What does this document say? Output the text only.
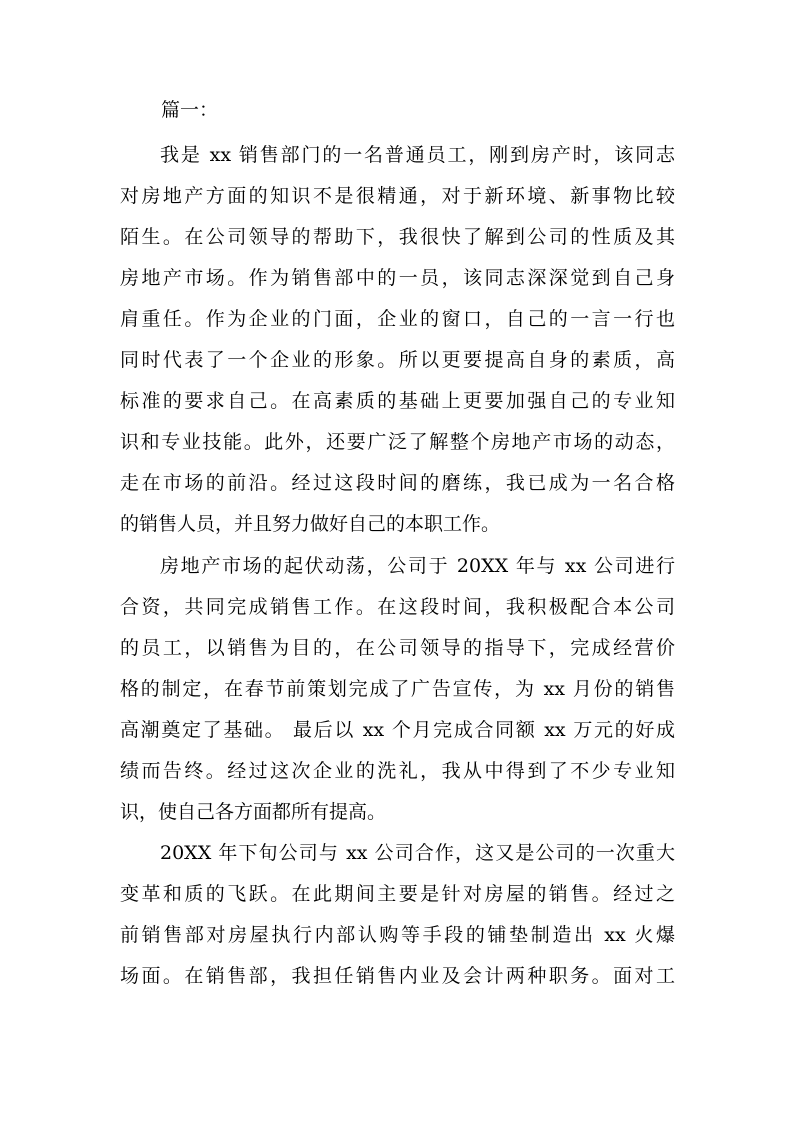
篇一：

我是 xx 销售部门的一名普通员工，刚到房产时，该同志

对房地产方面的知识不是很精通，对于新环境、新事物比较

陌生。在公司领导的帮助下，我很快了解到公司的性质及其

房地产市场。作为销售部中的一员，该同志深深觉到自己身

肩重任。作为企业的门面，企业的窗口，自己的一言一行也

同时代表了一个企业的形象。所以更要提高自身的素质，高

标准的要求自己。在高素质的基础上更要加强自己的专业知

识和专业技能。此外，还要广泛了解整个房地产市场的动态，

走在市场的前沿。经过这段时间的磨练，我已成为一名合格

的销售人员，并且努力做好自己的本职工作。

房地产市场的起伏动荡，公司于 20XX 年与 xx 公司进行

合资，共同完成销售工作。在这段时间，我积极配合本公司

的员工，以销售为目的，在公司领导的指导下，完成经营价

格的制定，在春节前策划完成了广告宣传，为 xx 月份的销售

高潮奠定了基础。 最后以 xx 个月完成合同额 xx 万元的好成

绩而告终。经过这次企业的洗礼，我从中得到了不少专业知

识，使自己各方面都所有提高。

20XX 年下旬公司与 xx 公司合作，这又是公司的一次重大

变革和质的飞跃。在此期间主要是针对房屋的销售。经过之

前销售部对房屋执行内部认购等手段的铺垫制造出 xx 火爆

场面。在销售部，我担任销售内业及会计两种职务。面对工
